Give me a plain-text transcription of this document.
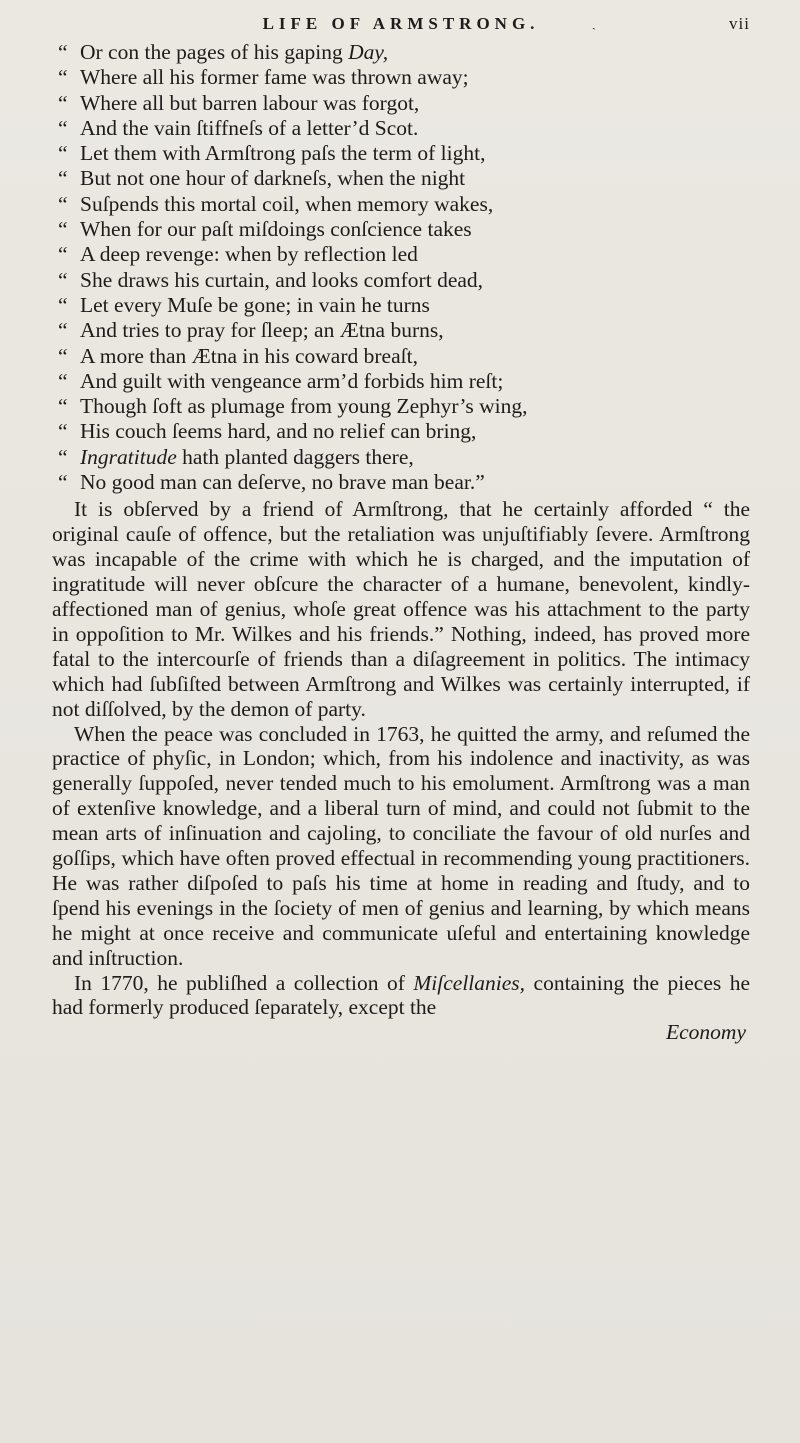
LIFE OF ARMSTRONG.	ˎ	vii
“ Or con the pages of his gaping Day,
“ Where all his former fame was thrown away;
“ Where all but barren labour was forgot,
“ And the vain ſtiffneſs of a letter’d Scot.
“ Let them with Armſtrong paſs the term of light,
“ But not one hour of darkneſs, when the night
“ Suſpends this mortal coil, when memory wakes,
“ When for our paſt miſdoings conſcience takes
“ A deep revenge: when by reflection led
“ She draws his curtain, and looks comfort dead,
“ Let every Muſe be gone; in vain he turns
“ And tries to pray for ſleep; an Ætna burns,
“ A more than Ætna in his coward breaſt,
“ And guilt with vengeance arm’d forbids him reſt;
“ Though ſoft as plumage from young Zephyr’s wing,
“ His couch ſeems hard, and no relief can bring,
“ Ingratitude hath planted daggers there,
“ No good man can deſerve, no brave man bear.”

It is obſerved by a friend of Armſtrong, that he certainly afforded “ the original cauſe of offence, but the retaliation was unjuſtifiably ſevere. Armſtrong was incapable of the crime with which he is charged, and the imputation of ingratitude will never obſcure the character of a humane, benevolent, kindly-affectioned man of genius, whoſe great offence was his attachment to the party in oppoſition to Mr. Wilkes and his friends.” Nothing, indeed, has proved more fatal to the intercourſe of friends than a diſagreement in politics. The intimacy which had ſubſiſted between Armſtrong and Wilkes was certainly interrupted, if not diſſolved, by the demon of party.

When the peace was concluded in 1763, he quitted the army, and reſumed the practice of phyſic, in London; which, from his indolence and inactivity, as was generally ſuppoſed, never tended much to his emolument. Armſtrong was a man of extenſive knowledge, and a liberal turn of mind, and could not ſubmit to the mean arts of inſinuation and cajoling, to conciliate the favour of old nurſes and goſſips, which have often proved effectual in recommending young practitioners. He was rather diſpoſed to paſs his time at home in reading and ſtudy, and to ſpend his evenings in the ſociety of men of genius and learning, by which means he might at once receive and communicate uſeful and entertaining knowledge and inſtruction.

In 1770, he publiſhed a collection of Miſcellanies, containing the pieces he had formerly produced ſeparately, except the

Economy
